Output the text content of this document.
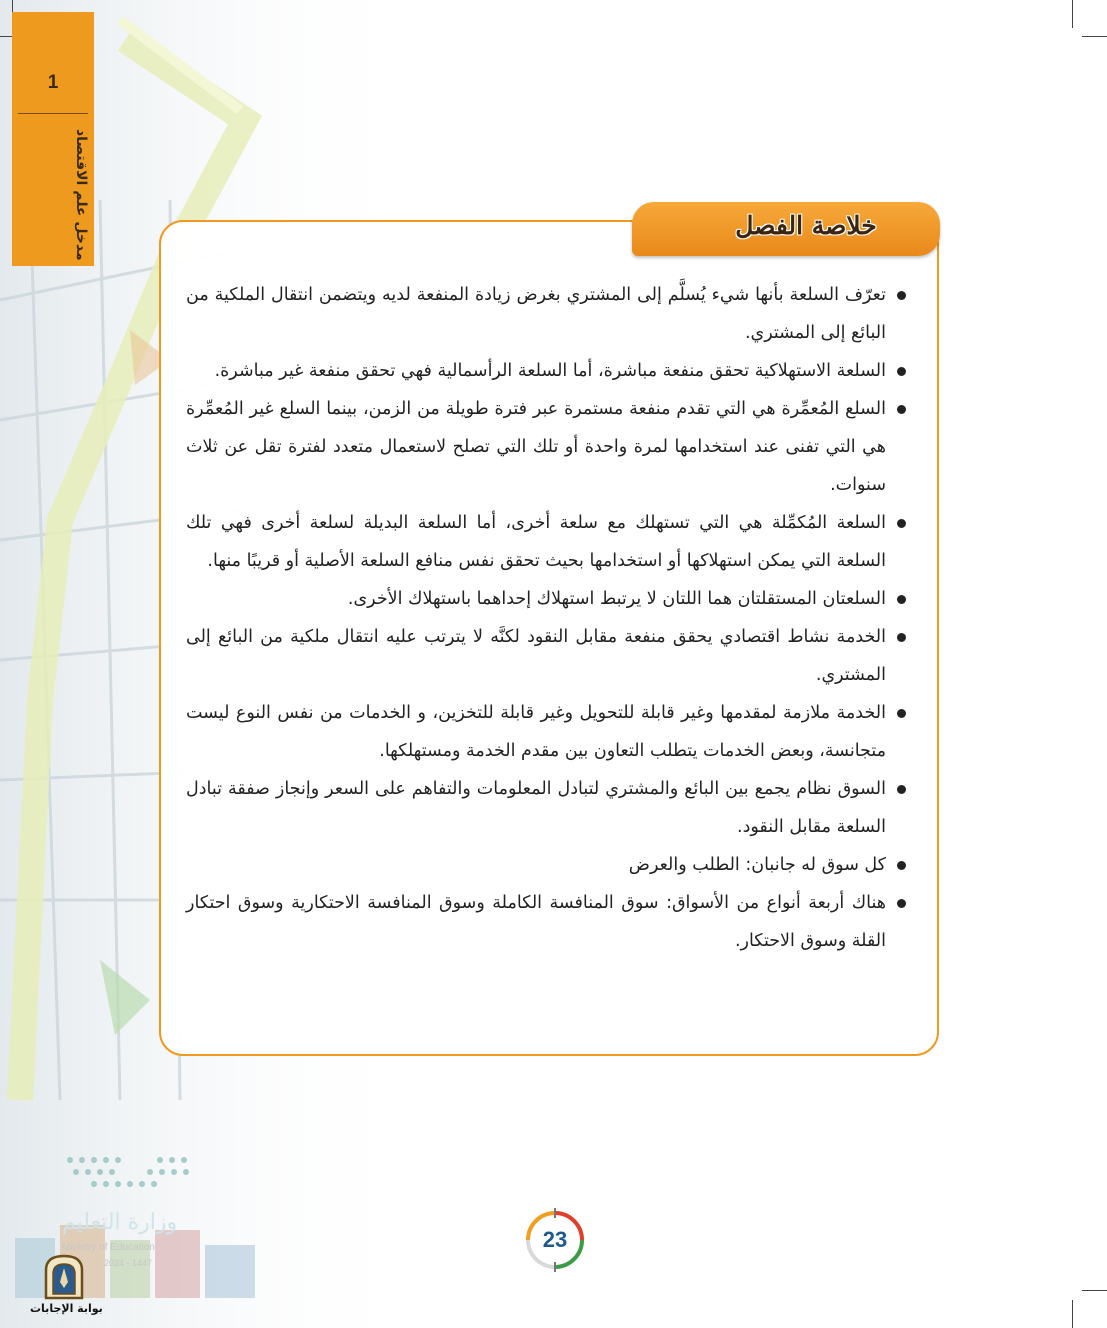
1
مدخل علم الاقتصاد	خلاصة الفصل
تعرّف السلعة بأنها شيء يُسلَّم إلى المشتري بغرض زيادة المنفعة لديه ويتضمن انتقال الملكية من البائع إلى المشتري.
السلعة الاستهلاكية تحقق منفعة مباشرة، أما السلعة الرأسمالية فهي تحقق منفعة غير مباشرة.
السلع المُعمِّرة هي التي تقدم منفعة مستمرة عبر فترة طويلة من الزمن، بينما السلع غير المُعمِّرة هي التي تفنى عند استخدامها لمرة واحدة أو تلك التي تصلح لاستعمال متعدد لفترة تقل عن ثلاث سنوات.
السلعة المُكمِّلة هي التي تستهلك مع سلعة أخرى، أما السلعة البديلة لسلعة أخرى فهي تلك السلعة التي يمكن استهلاكها أو استخدامها بحيث تحقق نفس منافع السلعة الأصلية أو قريبًا منها.
السلعتان المستقلتان هما اللتان لا يرتبط استهلاك إحداهما باستهلاك الأخرى.
الخدمة نشاط اقتصادي يحقق منفعة مقابل النقود لكنَّه لا يترتب عليه انتقال ملكية من البائع إلى المشتري.
الخدمة ملازمة لمقدمها وغير قابلة للتحويل وغير قابلة للتخزين، و الخدمات من نفس النوع ليست متجانسة، وبعض الخدمات يتطلب التعاون بين مقدم الخدمة ومستهلكها.
السوق نظام يجمع بين البائع والمشتري لتبادل المعلومات والتفاهم على السعر وإنجاز صفقة تبادل السلعة مقابل النقود.
كل سوق له جانبان: الطلب والعرض
هناك أربعة أنواع من الأسواق: سوق المنافسة الكاملة وسوق المنافسة الاحتكارية وسوق احتكار القلة وسوق الاحتكار.
23
وزارة التعليم
Ministry of Education
2024 - 1447
بوابة الإجابات
